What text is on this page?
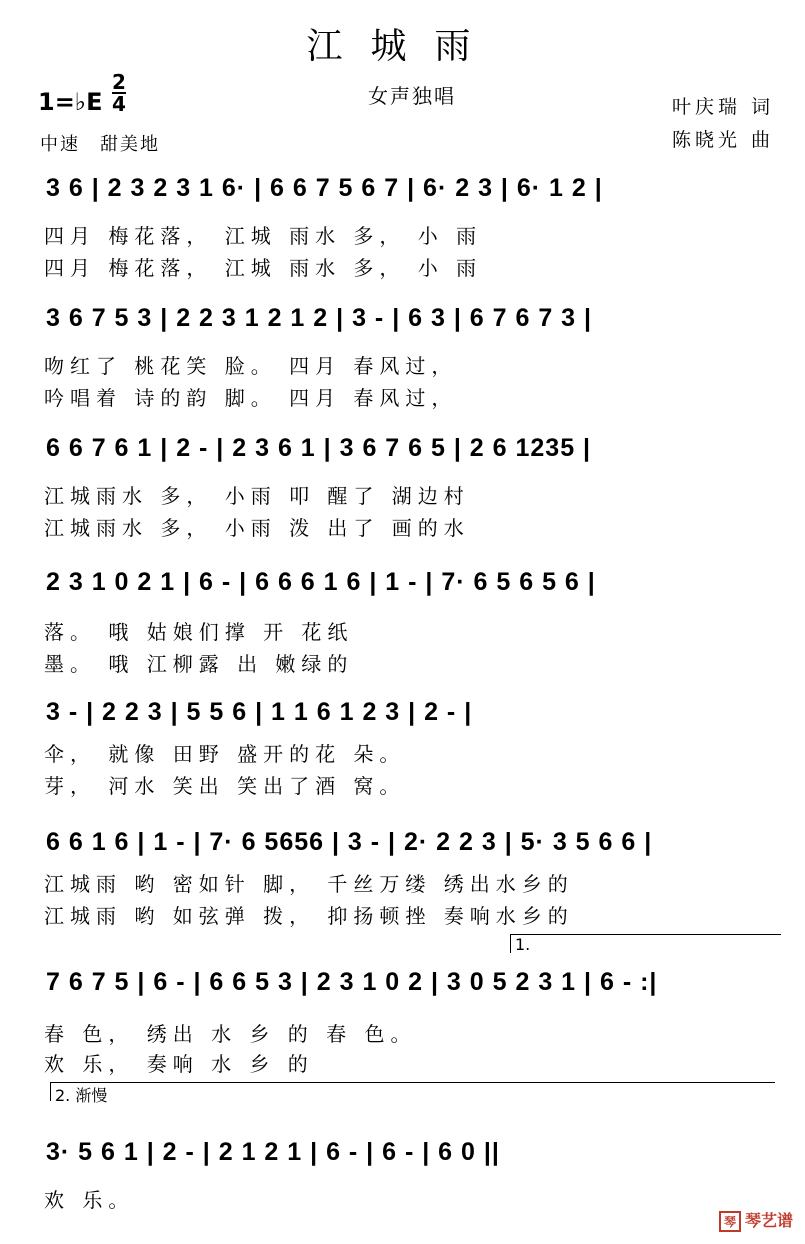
江城雨
女声独唱
1=♭E
2
4
中速　甜美地
叶庆瑞 词
陈晓光 曲
3 6 | 2 3 2 3 1 6· | 6 6 7 5 6 7 | 6· 2 3 | 6· 1 2 |
四月 梅花落， 江城 雨水 多， 小 雨
四月 梅花落， 江城 雨水 多， 小 雨
3 6 7 5 3 | 2 2 3 1 2 1 2 | 3 - | 6 3 | 6 7 6 7 3 |
吻红了 桃花笑 脸。 四月 春风过，
吟唱着 诗的韵 脚。 四月 春风过，
6 6 7 6 1 | 2 - | 2 3 6 1 | 3 6 7 6 5 | 2 6 1235 |
江城雨水 多， 小雨 叩 醒了 湖边村
江城雨水 多， 小雨 泼 出了 画的水
2 3 1 0 2 1 | 6 - | 6 6 6 1 6 | 1 - | 7· 6 5 6 5 6 |
落。 哦 姑娘们撑 开 花纸
墨。 哦 江柳露 出 嫩绿的
3 - | 2 2 3 | 5 5 6 | 1 1 6 1 2 3 | 2 - |
伞， 就像 田野 盛开的花 朵。
芽， 河水 笑出 笑出了酒 窝。
6 6 1 6 | 1 - | 7· 6 5656 | 3 - | 2· 2 2 3 | 5· 3 5 6 6 |
江城雨 哟 密如针 脚， 千丝万缕 绣出水乡的
江城雨 哟 如弦弹 拨， 抑扬顿挫 奏响水乡的
1.
7 6 7 5 | 6 - | 6 6 5 3 | 2 3 1 0 2 | 3 0 5 2 3 1 | 6 - :|
春 色， 绣出 水 乡 的 春 色。
欢 乐， 奏响 水 乡 的
2. 渐慢
3· 5 6 1 | 2 - | 2 1 2 1 | 6 - | 6 - | 6 0 ||
欢 乐。
琴 琴艺谱
